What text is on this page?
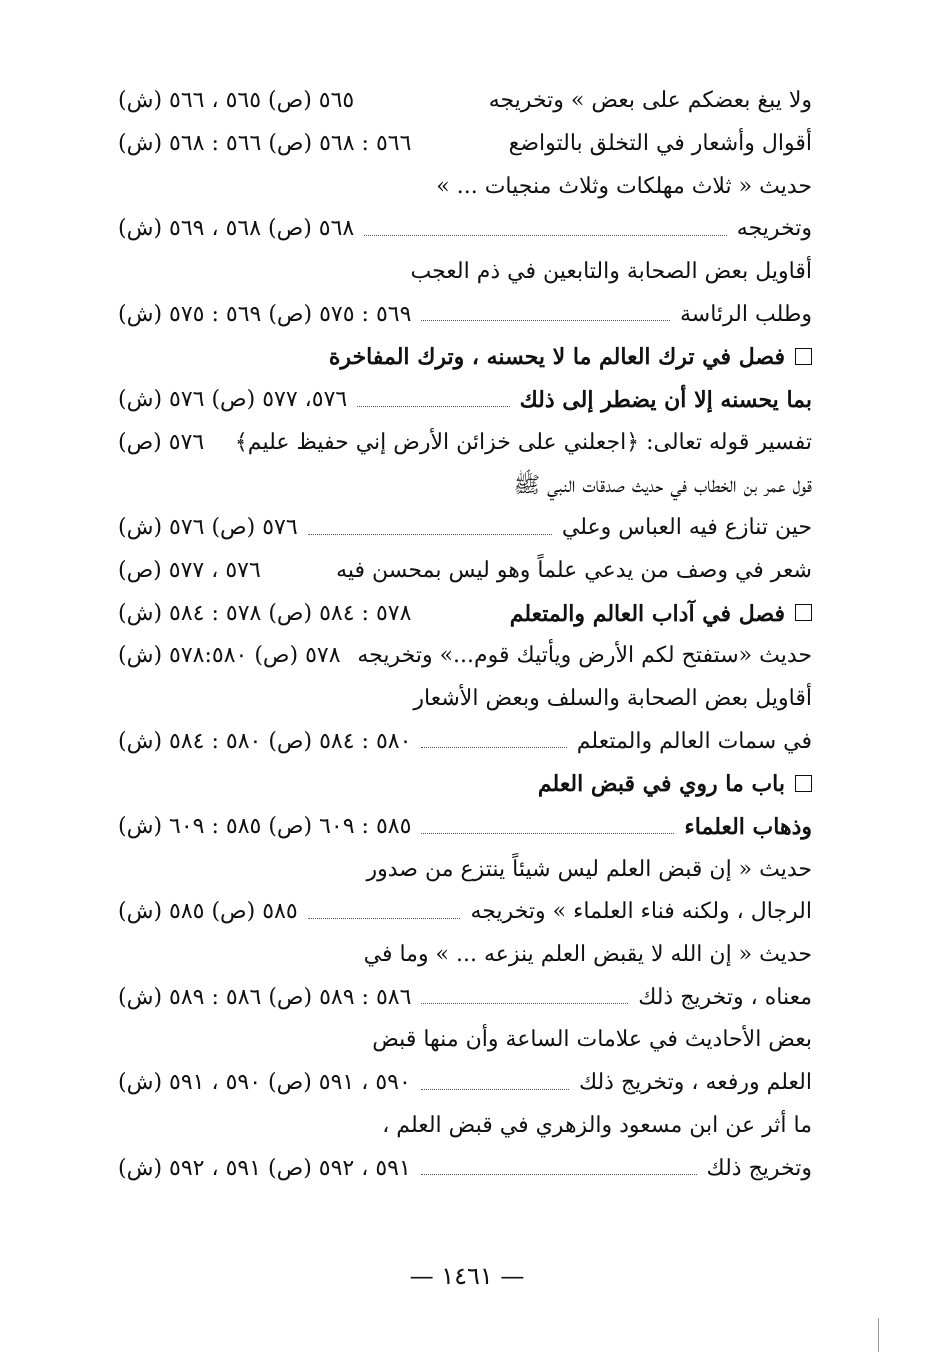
ولا يبغ بعضكم على بعض » وتخريجه
٥٦٥ (ص) ٥٦٥ ، ٥٦٦ (ش)
أقوال وأشعار في التخلق بالتواضع
٥٦٦ : ٥٦٨ (ص) ٥٦٦ : ٥٦٨ (ش)
حديث « ثلاث مهلكات وثلاث منجيات ... »
وتخريجه
٥٦٨ (ص) ٥٦٨ ، ٥٦٩ (ش)
أقاويل بعض الصحابة والتابعين في ذم العجب
وطلب الرئاسة
٥٦٩ : ٥٧٥ (ص) ٥٦٩ : ٥٧٥ (ش)
فصل في ترك العالم ما لا يحسنه ، وترك المفاخرة
بما يحسنه إلا أن يضطر إلى ذلك
٥٧٦، ٥٧٧ (ص) ٥٧٦ (ش)
تفسير قوله تعالى: ﴿اجعلني على خزائن الأرض إني حفيظ عليم﴾
٥٧٦ (ص)
قول عمر بن الخطاب في حديث صدقات النبي ﷺ
حين تنازع فيه العباس وعلي
٥٧٦ (ص) ٥٧٦ (ش)
شعر في وصف من يدعي علماً وهو ليس بمحسن فيه
٥٧٦ ، ٥٧٧ (ص)
فصل في آداب العالم والمتعلم
٥٧٨ : ٥٨٤ (ص) ٥٧٨ : ٥٨٤ (ش)
حديث «ستفتح لكم الأرض ويأتيك قوم...» وتخريجه
٥٧٨ (ص) ٥٧٨:٥٨٠ (ش)
أقاويل بعض الصحابة والسلف وبعض الأشعار
في سمات العالم والمتعلم
٥٨٠ : ٥٨٤ (ص) ٥٨٠ : ٥٨٤ (ش)
باب ما روي في قبض العلم
وذهاب العلماء
٥٨٥ : ٦٠٩ (ص) ٥٨٥ : ٦٠٩ (ش)
حديث « إن قبض العلم ليس شيئاً ينتزع من صدور
الرجال ، ولكنه فناء العلماء » وتخريجه
٥٨٥ (ص) ٥٨٥ (ش)
حديث « إن الله لا يقبض العلم ينزعه ... » وما في
معناه ، وتخريج ذلك
٥٨٦ : ٥٨٩ (ص) ٥٨٦ : ٥٨٩ (ش)
بعض الأحاديث في علامات الساعة وأن منها قبض
العلم ورفعه ، وتخريج ذلك
٥٩٠ ، ٥٩١ (ص) ٥٩٠ ، ٥٩١ (ش)
ما أثر عن ابن مسعود والزهري في قبض العلم ،
وتخريج ذلك
٥٩١ ، ٥٩٢ (ص) ٥٩١ ، ٥٩٢ (ش)
— ١٤٦١ —
